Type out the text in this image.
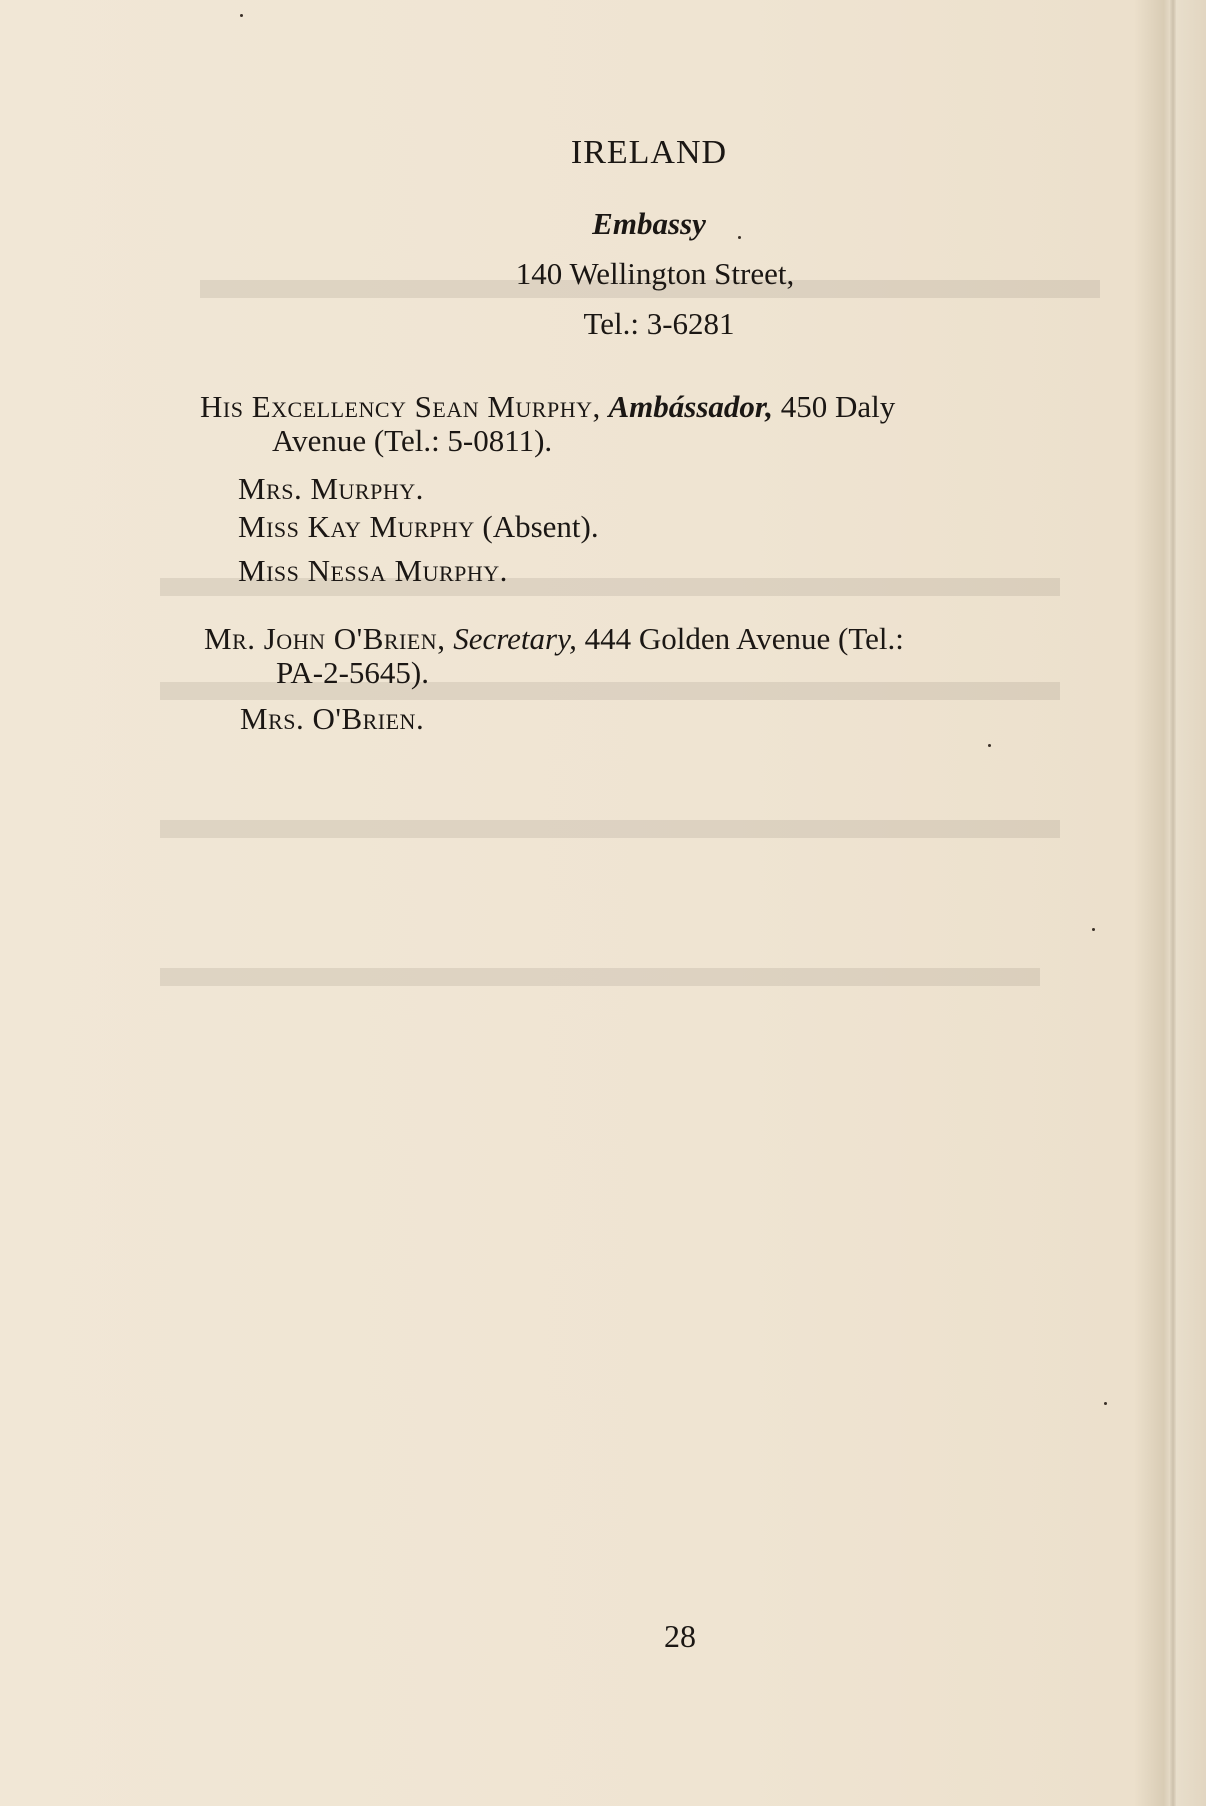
IRELAND
Embassy
140 Wellington Street,
Tel.: 3-6281
His Excellency Sean Murphy, Ambássador, 450 Daly
Avenue (Tel.: 5-0811).
Mrs. Murphy.
Miss Kay Murphy (Absent).
Miss Nessa Murphy.
Mr. John O'Brien, Secretary, 444 Golden Avenue (Tel.:
PA-2-5645).
Mrs. O'Brien.
28
